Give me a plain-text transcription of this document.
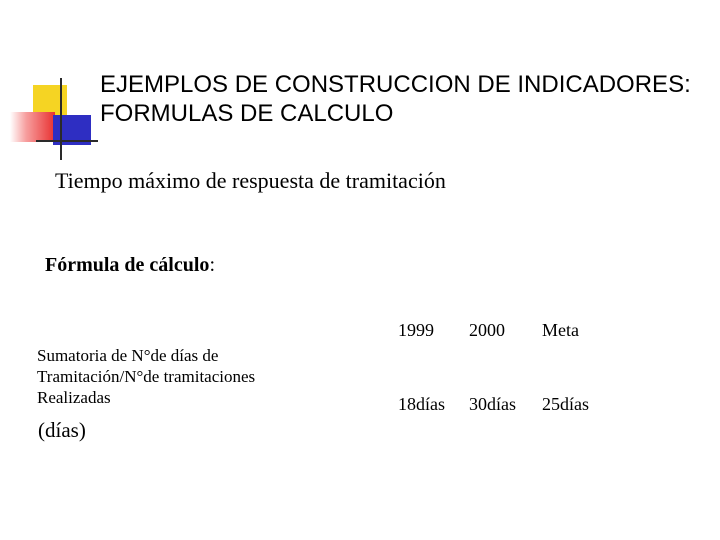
EJEMPLOS DE CONSTRUCCION DE INDICADORES:
FORMULAS DE CALCULO
Tiempo máximo de respuesta de tramitación
Fórmula de cálculo:
Sumatoria de N°de días de
Tramitación/N°de tramitaciones
Realizadas
(días)
1999 2000 Meta
18días 30días 25días
